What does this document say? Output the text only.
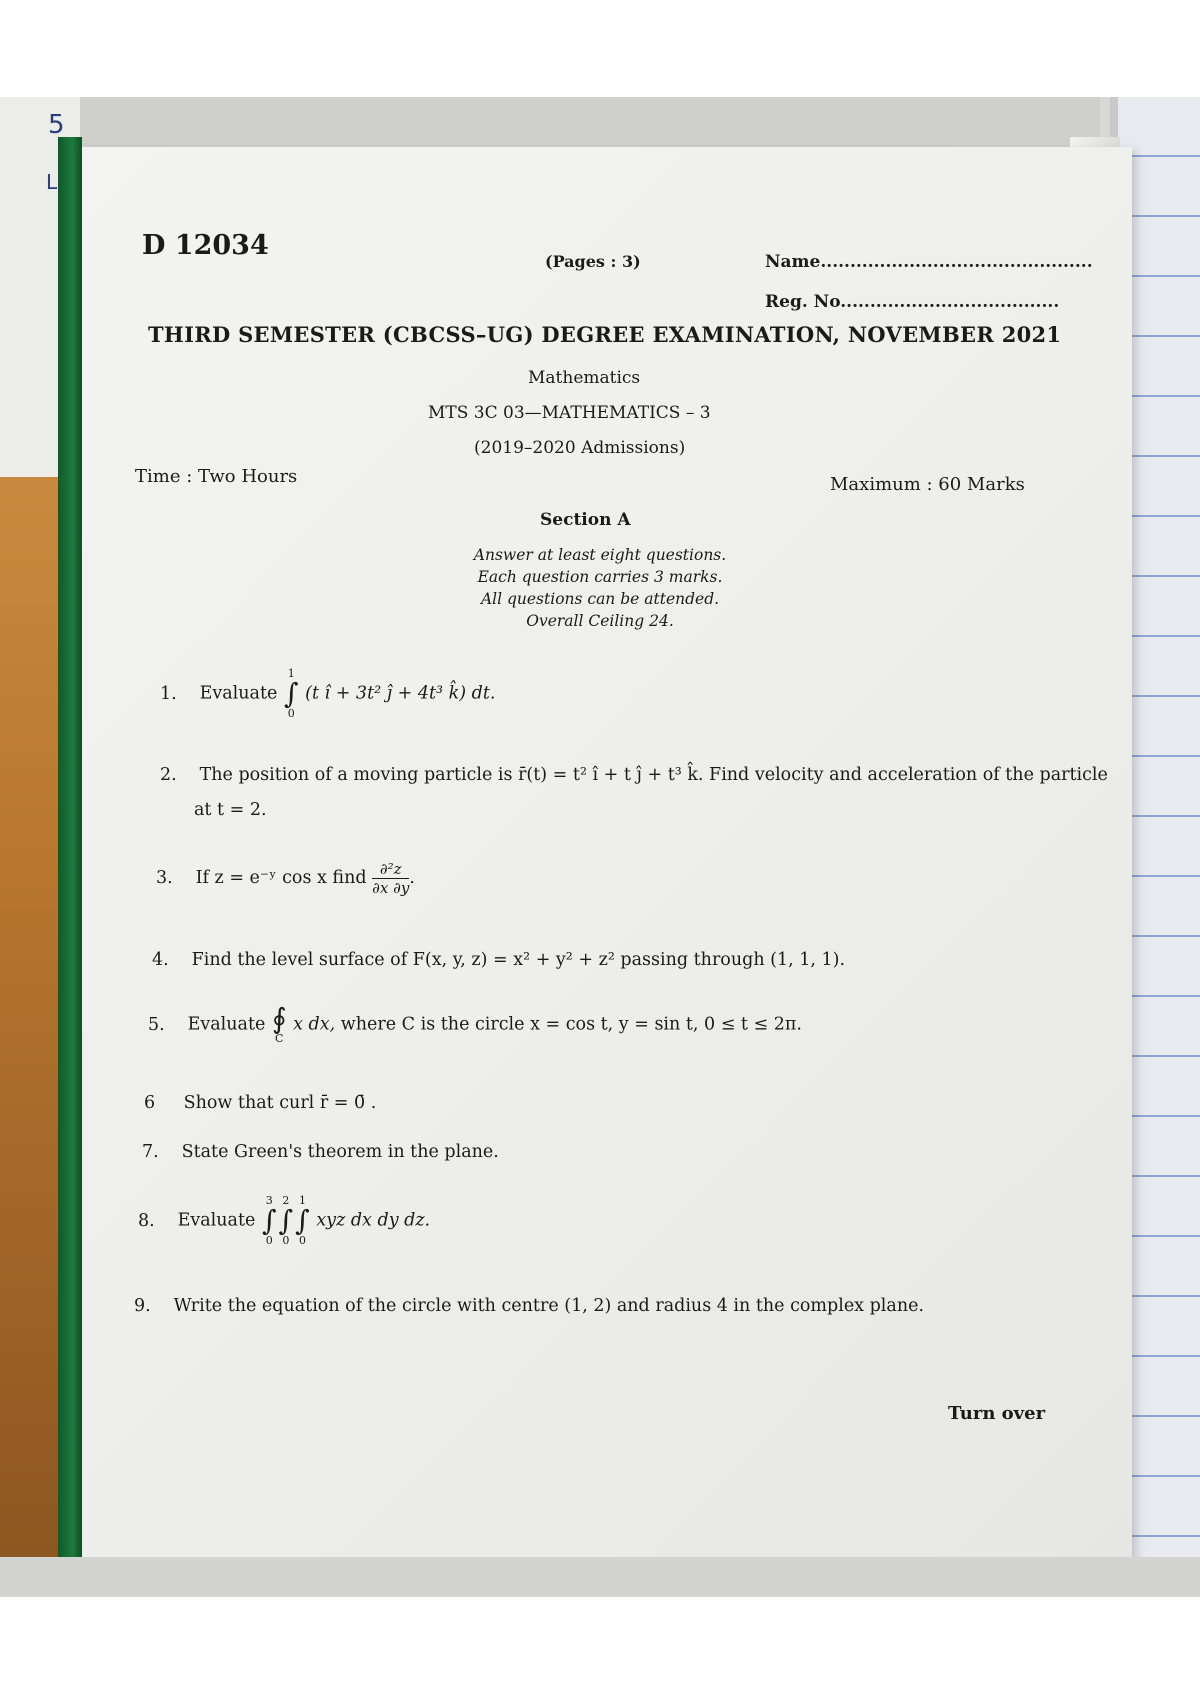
5
L
D 12034
(Pages : 3)	Name..............................................
Reg. No.....................................
THIRD SEMESTER (CBCSS–UG) DEGREE EXAMINATION, NOVEMBER 2021
Mathematics
MTS 3C 03—MATHEMATICS – 3
(2019–2020 Admissions)
Time : Two Hours	Maximum : 60 Marks
Section A
Answer at least eight questions.
Each question carries 3 marks.
All questions can be attended.
Overall Ceiling 24.
1. Evaluate 1
∫
0 (t î + 3t² ĵ + 4t³ k̂) dt.
2. The position of a moving particle is r̄(t) = t² î + t ĵ + t³ k̂. Find velocity and acceleration of the particle
at t = 2.
3. If z = e⁻ʸ cos x find $\frac{\text{∂²z}}{\partial x \partial y}$ .
4. Find the level surface of F(x, y, z) = x² + y² + z² passing through (1, 1, 1).
5. Evaluate ∮
C x dx, where C is the circle x = cos t, y = sin t, 0 ≤ t ≤ 2π.
6 Show that curl r̄ = 0̄ .
7. State Green's theorem in the plane.
8. Evaluate 3
∫
02
∫
01
∫
0 xyz dx dy dz.
9. Write the equation of the circle with centre (1, 2) and radius 4 in the complex plane.
Turn over
